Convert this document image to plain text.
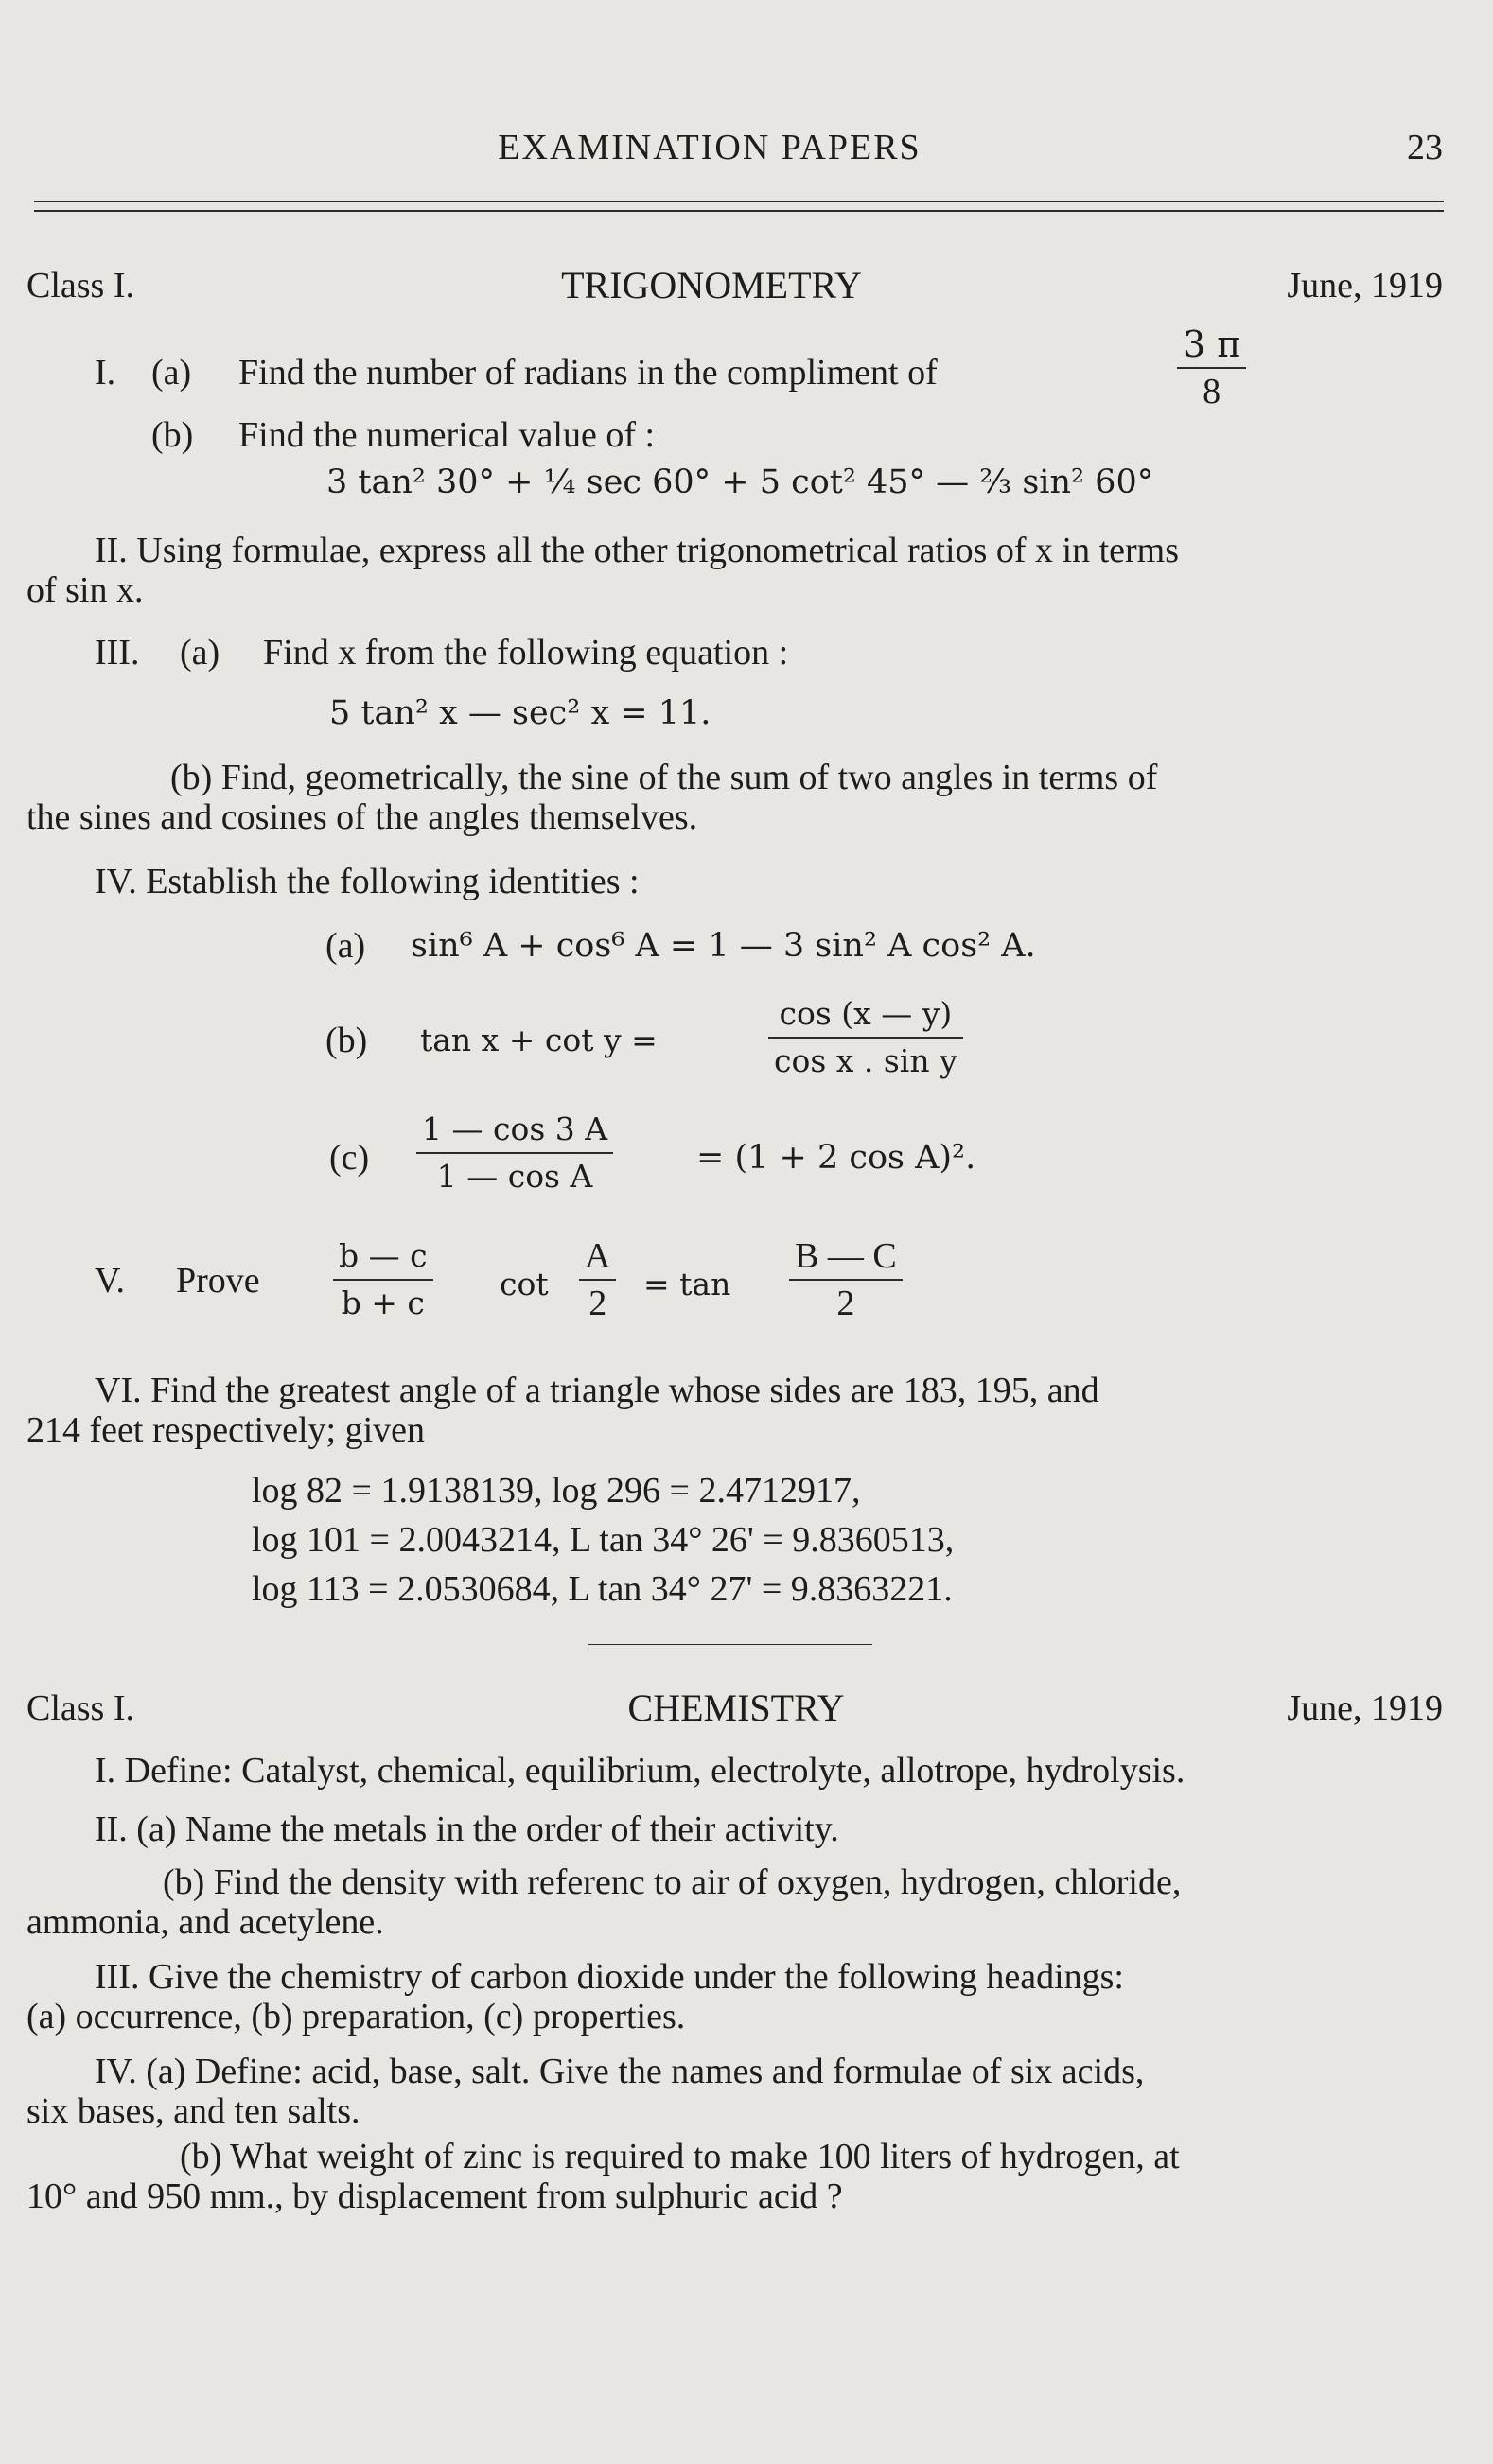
EXAMINATION PAPERS	23
Class I.	TRIGONOMETRY	June, 1919
I. (a) Find the number of radians in the compliment of
3 π
8
(b) Find the numerical value of :
3 tan² 30° + ¼ sec 60° + 5 cot² 45° — ⅔ sin² 60°
II. Using formulae, express all the other trigonometrical ratios of x in terms
of sin x.
III. (a) Find x from the following equation :
5 tan² x — sec² x = 11.
(b) Find, geometrically, the sine of the sum of two angles in terms of
the sines and cosines of the angles themselves.
IV. Establish the following identities :
(a) sin⁶ A + cos⁶ A = 1 — 3 sin² A cos² A.
(b) tan x + cot y =
cos (x — y)
cos x . sin y
(c)
1 — cos 3 A
1 — cos A	= (1 + 2 cos A)².
V. Prove
b — c
b + c
cot
A
2 = tan
B — C
2
VI. Find the greatest angle of a triangle whose sides are 183, 195, and
214 feet respectively; given
log 82 = 1.9138139, log 296 = 2.4712917,
log 101 = 2.0043214, L tan 34° 26' = 9.8360513,
log 113 = 2.0530684, L tan 34° 27' = 9.8363221.
Class I.	CHEMISTRY	June, 1919
I. Define: Catalyst, chemical, equilibrium, electrolyte, allotrope, hydrolysis.
II. (a) Name the metals in the order of their activity.
(b) Find the density with referenc to air of oxygen, hydrogen, chloride,
ammonia, and acetylene.
III. Give the chemistry of carbon dioxide under the following headings:
(a) occurrence, (b) preparation, (c) properties.
IV. (a) Define: acid, base, salt. Give the names and formulae of six acids,
six bases, and ten salts.
(b) What weight of zinc is required to make 100 liters of hydrogen, at
10° and 950 mm., by displacement from sulphuric acid ?
